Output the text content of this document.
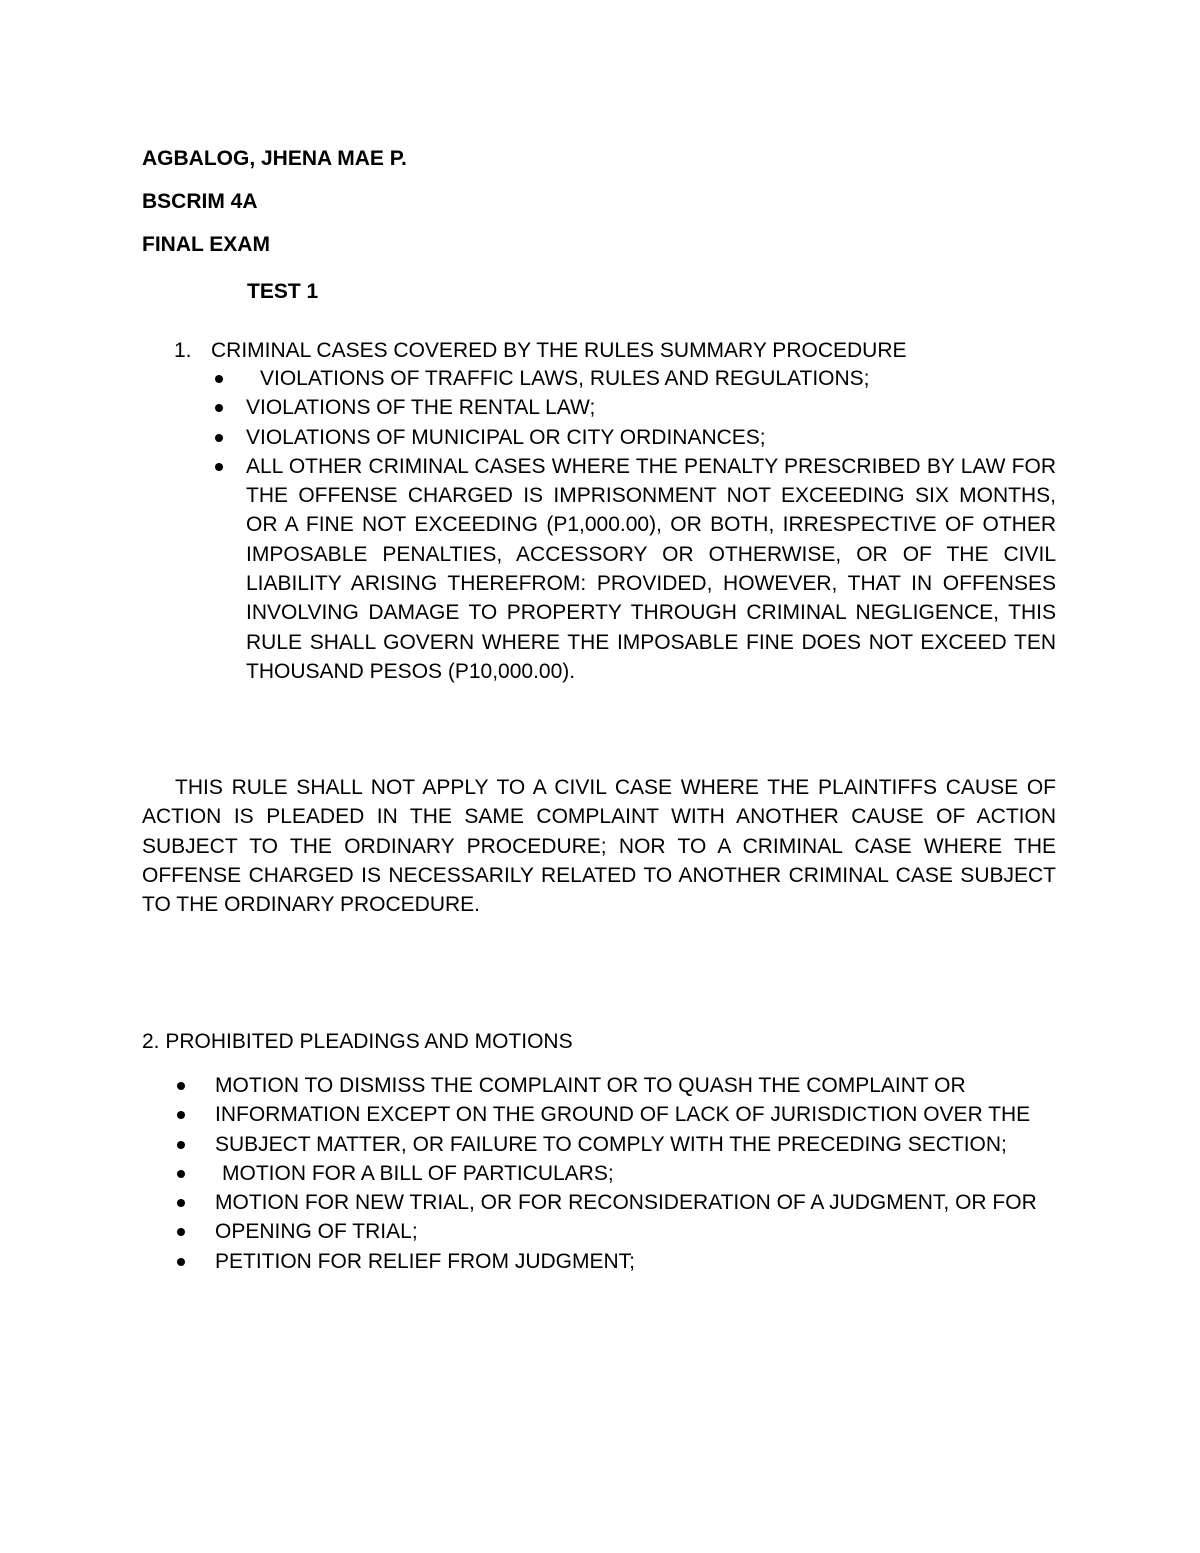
AGBALOG, JHENA MAE P.
BSCRIM 4A
FINAL EXAM
TEST 1
1. CRIMINAL CASES COVERED BY THE RULES SUMMARY PROCEDURE
VIOLATIONS OF TRAFFIC LAWS, RULES AND REGULATIONS;
VIOLATIONS OF THE RENTAL LAW;
VIOLATIONS OF MUNICIPAL OR CITY ORDINANCES;
ALL OTHER CRIMINAL CASES WHERE THE PENALTY PRESCRIBED BY LAW FOR THE OFFENSE CHARGED IS IMPRISONMENT NOT EXCEEDING SIX MONTHS, OR A FINE NOT EXCEEDING (P1,000.00), OR BOTH, IRRESPECTIVE OF OTHER IMPOSABLE PENALTIES, ACCESSORY OR OTHERWISE, OR OF THE CIVIL LIABILITY ARISING THEREFROM: PROVIDED, HOWEVER, THAT IN OFFENSES INVOLVING DAMAGE TO PROPERTY THROUGH CRIMINAL NEGLIGENCE, THIS RULE SHALL GOVERN WHERE THE IMPOSABLE FINE DOES NOT EXCEED TEN THOUSAND PESOS (P10,000.00).
THIS RULE SHALL NOT APPLY TO A CIVIL CASE WHERE THE PLAINTIFFS CAUSE OF ACTION IS PLEADED IN THE SAME COMPLAINT WITH ANOTHER CAUSE OF ACTION SUBJECT TO THE ORDINARY PROCEDURE; NOR TO A CRIMINAL CASE WHERE THE OFFENSE CHARGED IS NECESSARILY RELATED TO ANOTHER CRIMINAL CASE SUBJECT TO THE ORDINARY PROCEDURE.
2. PROHIBITED PLEADINGS AND MOTIONS
MOTION TO DISMISS THE COMPLAINT OR TO QUASH THE COMPLAINT OR
INFORMATION EXCEPT ON THE GROUND OF LACK OF JURISDICTION OVER THE
SUBJECT MATTER, OR FAILURE TO COMPLY WITH THE PRECEDING SECTION;
MOTION FOR A BILL OF PARTICULARS;
MOTION FOR NEW TRIAL, OR FOR RECONSIDERATION OF A JUDGMENT, OR FOR
OPENING OF TRIAL;
PETITION FOR RELIEF FROM JUDGMENT;
